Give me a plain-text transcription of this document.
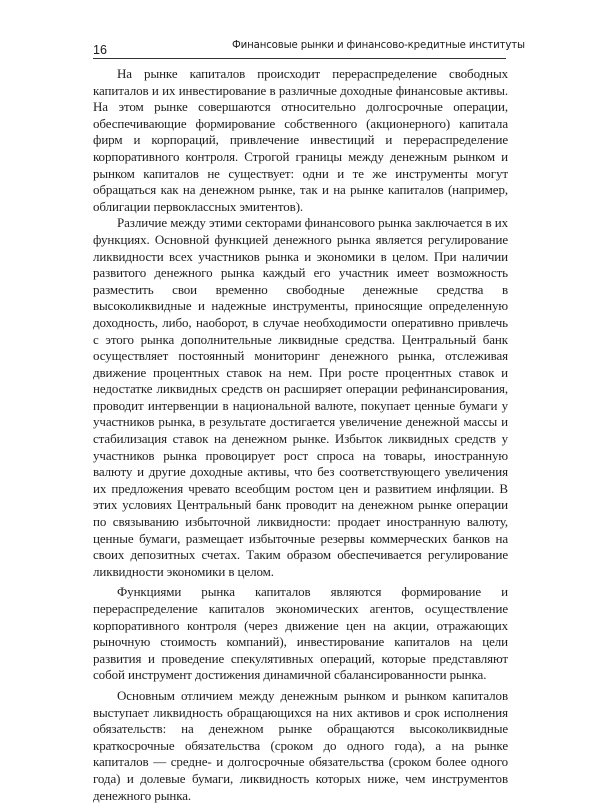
16	Финансовые рынки и финансово-кредитные институты

На рынке капиталов происходит перераспределение свободных капиталов и их инвестирование в различные доходные финансовые активы. На этом рынке совершаются относительно долгосрочные операции, обеспечивающие формирование собственного (акционерного) капитала фирм и корпораций, привлечение инвестиций и перераспределение корпоративного контроля. Строгой границы между денежным рынком и рынком капиталов не существует: одни и те же инструменты могут обращаться как на денежном рынке, так и на рынке капиталов (например, облигации первоклассных эмитентов).

Различие между этими секторами финансового рынка заключается в их функциях. Основной функцией денежного рынка является регулирование ликвидности всех участников рынка и экономики в целом. При наличии развитого денежного рынка каждый его участник имеет возможность разместить свои временно свободные денежные средства в высоколиквидные и надежные инструменты, приносящие определенную доходность, либо, наоборот, в случае необходимости оперативно привлечь с этого рынка дополнительные ликвидные средства. Центральный банк осуществляет постоянный мониторинг денежного рынка, отслеживая движение процентных ставок на нем. При росте процентных ставок и недостатке ликвидных средств он расширяет операции рефинансирования, проводит интервенции в национальной валюте, покупает ценные бумаги у участников рынка, в результате достигается увеличение денежной массы и стабилизация ставок на денежном рынке. Избыток ликвидных средств у участников рынка провоцирует рост спроса на товары, иностранную валюту и другие доходные активы, что без соответствующего увеличения их предложения чревато всеобщим ростом цен и развитием инфляции. В этих условиях Центральный банк проводит на денежном рынке операции по связыванию избыточной ликвидности: продает иностранную валюту, ценные бумаги, размещает избыточные резервы коммерческих банков на своих депозитных счетах. Таким образом обеспечивается регулирование ликвидности экономики в целом.

Функциями рынка капиталов являются формирование и перераспределение капиталов экономических агентов, осуществление корпоративного контроля (через движение цен на акции, отражающих рыночную стоимость компаний), инвестирование капиталов на цели развития и проведение спекулятивных операций, которые представляют собой инструмент достижения динамичной сбалансированности рынка.

Основным отличием между денежным рынком и рынком капиталов выступает ликвидность обращающихся на них активов и срок исполнения обязательств: на денежном рынке обращаются высоколиквидные краткосрочные обязательства (сроком до одного года), а на рынке капиталов — средне- и долгосрочные обязательства (сроком более одного года) и долевые бумаги, ликвидность которых ниже, чем инструментов денежного рынка.
